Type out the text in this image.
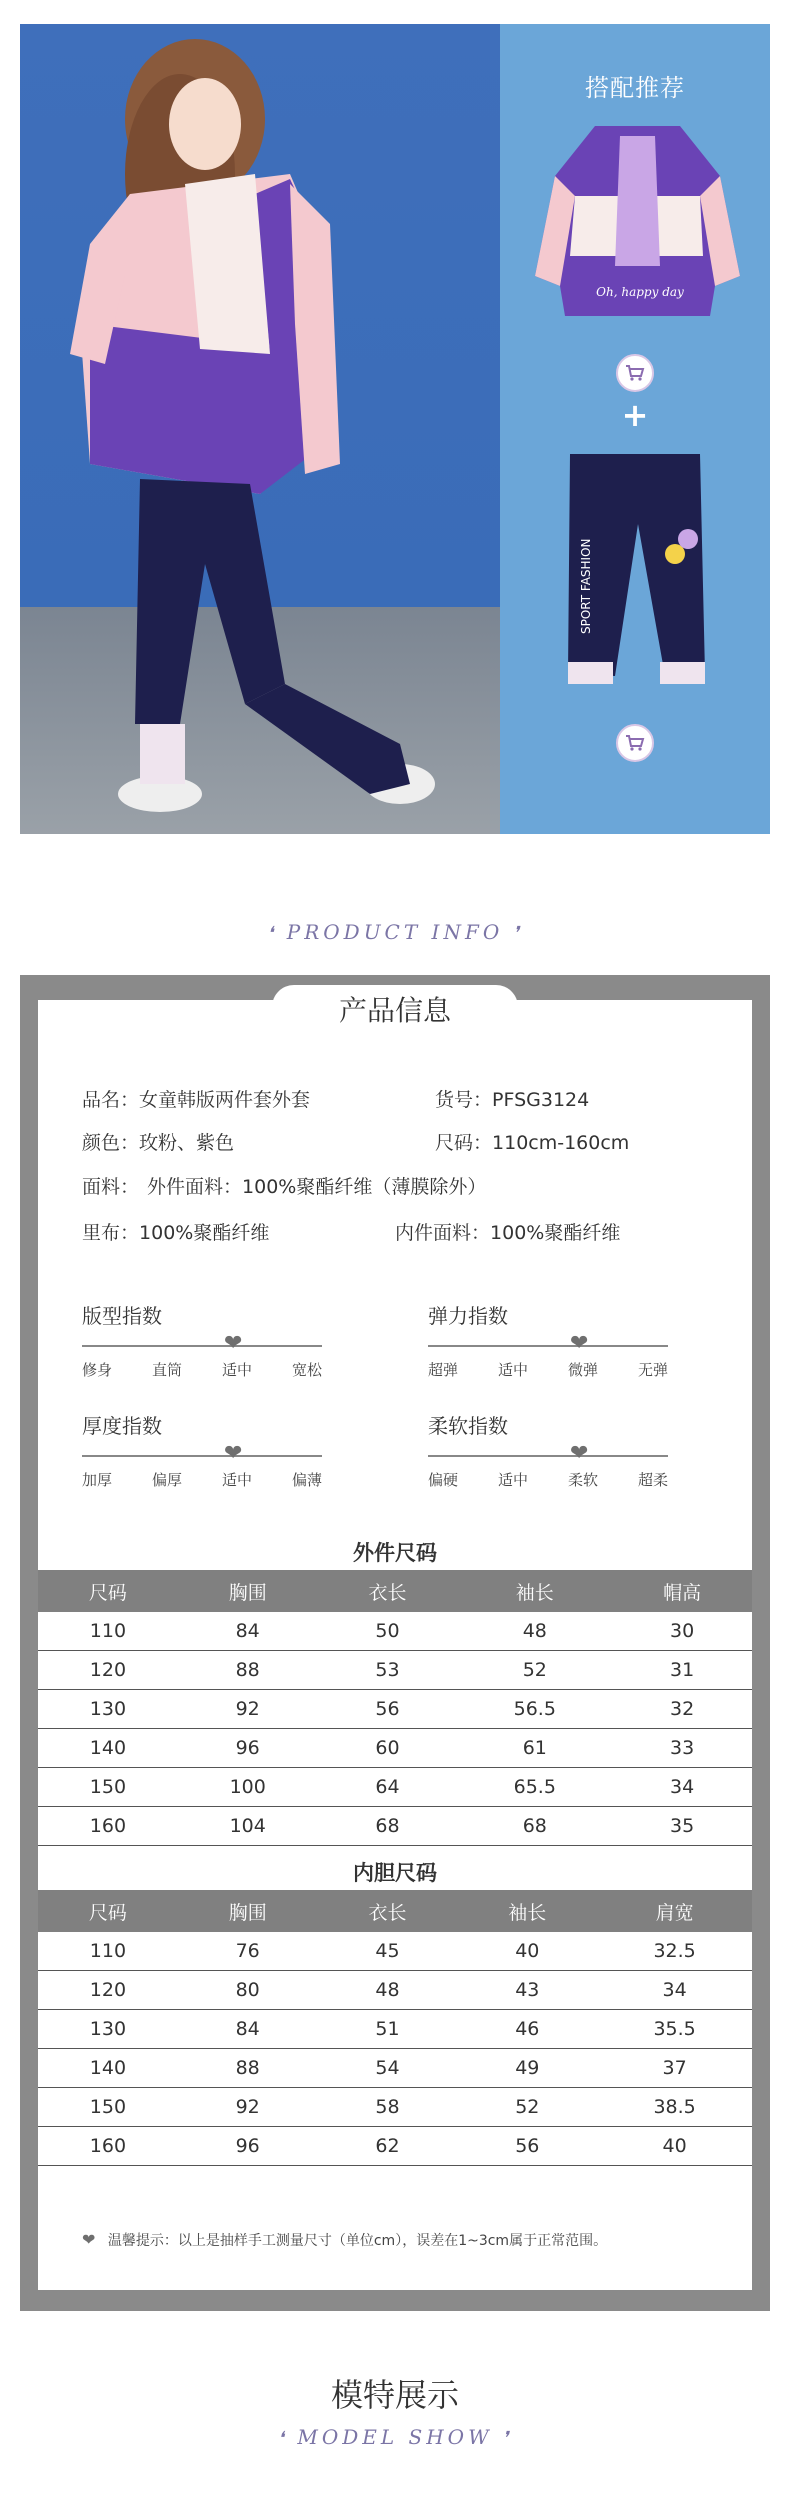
搭配推荐
Oh, happy day
+
SPORT FASHION
❛ PRODUCT INFO ❜
产品信息
品名：女童韩版两件套外套	货号：PFSG3124
颜色：玫粉、紫色	尺码：110cm-160cm
面料： 外件面料：100%聚酯纤维（薄膜除外）
里布：100%聚酯纤维	内件面料：100%聚酯纤维
版型指数
❤
修身	直筒	适中	宽松
弹力指数
❤
超弹	适中	微弹	无弹
厚度指数
❤
加厚	偏厚	适中	偏薄
柔软指数
❤
偏硬	适中	柔软	超柔
外件尺码
尺码	胸围	衣长	袖长	帽高
110	84	50	48	30
120	88	53	52	31
130	92	56	56.5	32
140	96	60	61	33
150	100	64	65.5	34
160	104	68	68	35
内胆尺码
尺码	胸围	衣长	袖长	肩宽
110	76	45	40	32.5
120	80	48	43	34
130	84	51	46	35.5
140	88	54	49	37
150	92	58	52	38.5
160	96	62	56	40
❤ 温馨提示：以上是抽样手工测量尺寸（单位cm），误差在1~3cm属于正常范围。
模特展示
❛ MODEL SHOW ❜
